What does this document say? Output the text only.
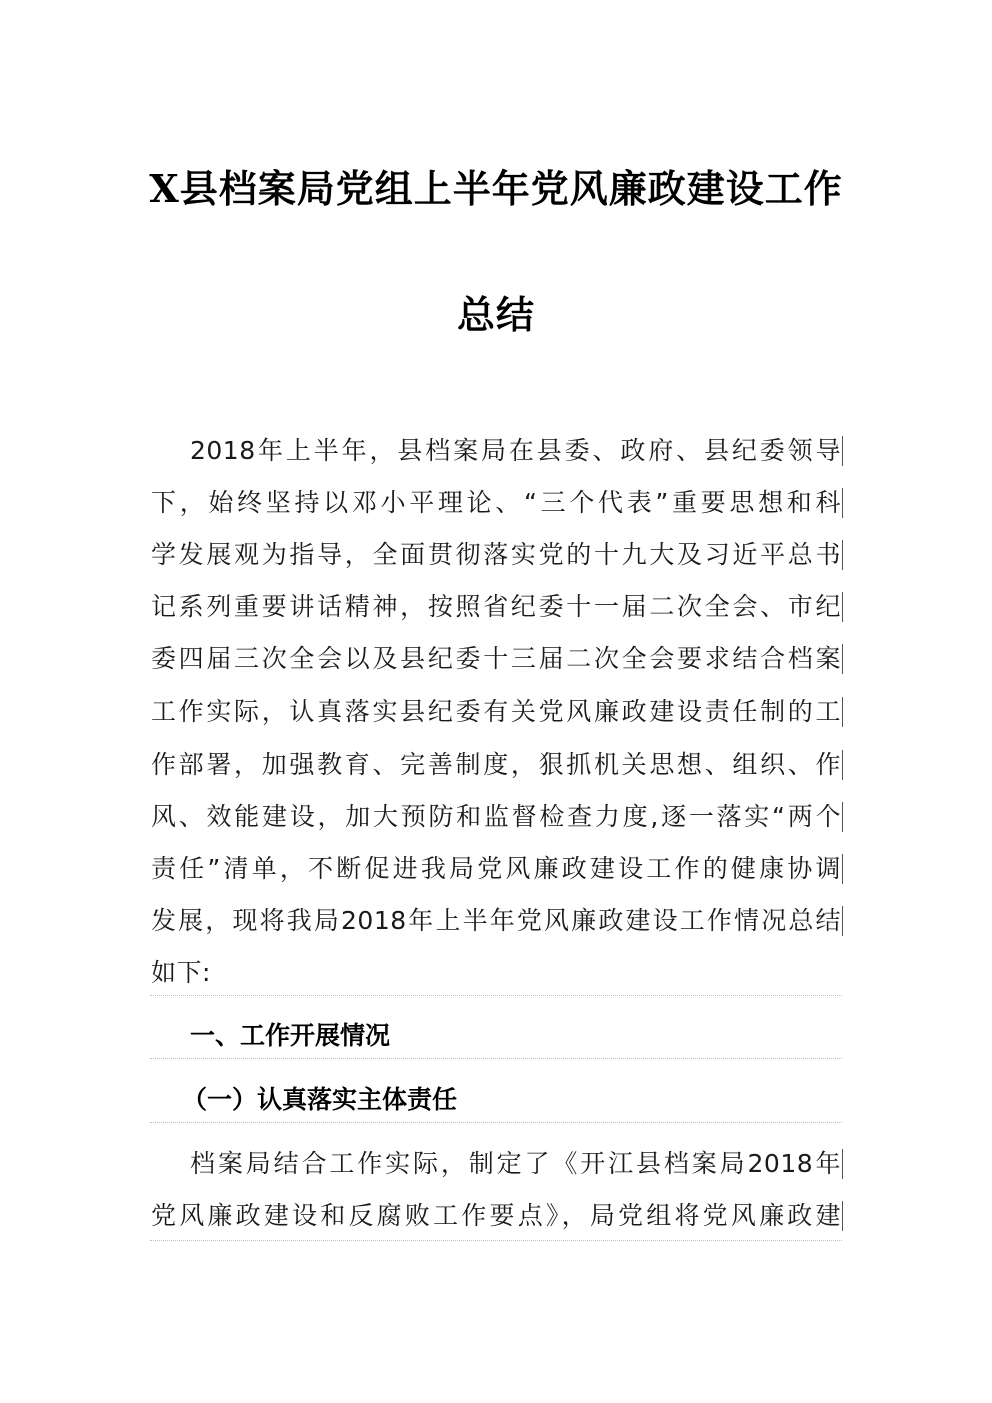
X县档案局党组上半年党风廉政建设工作
总结
2018年上半年，县档案局在县委、政府、县纪委领导
下，始终坚持以邓小平理论、“三个代表”重要思想和科
学发展观为指导，全面贯彻落实党的十九大及习近平总书
记系列重要讲话精神，按照省纪委十一届二次全会、市纪
委四届三次全会以及县纪委十三届二次全会要求结合档案
工作实际，认真落实县纪委有关党风廉政建设责任制的工
作部署，加强教育、完善制度，狠抓机关思想、组织、作
风、效能建设，加大预防和监督检查力度,逐一落实“两个
责任”清单，不断促进我局党风廉政建设工作的健康协调
发展，现将我局2018年上半年党风廉政建设工作情况总结
如下:
一、工作开展情况
（一）认真落实主体责任
档案局结合工作实际，制定了《开江县档案局2018年
党风廉政建设和反腐败工作要点》，局党组将党风廉政建
